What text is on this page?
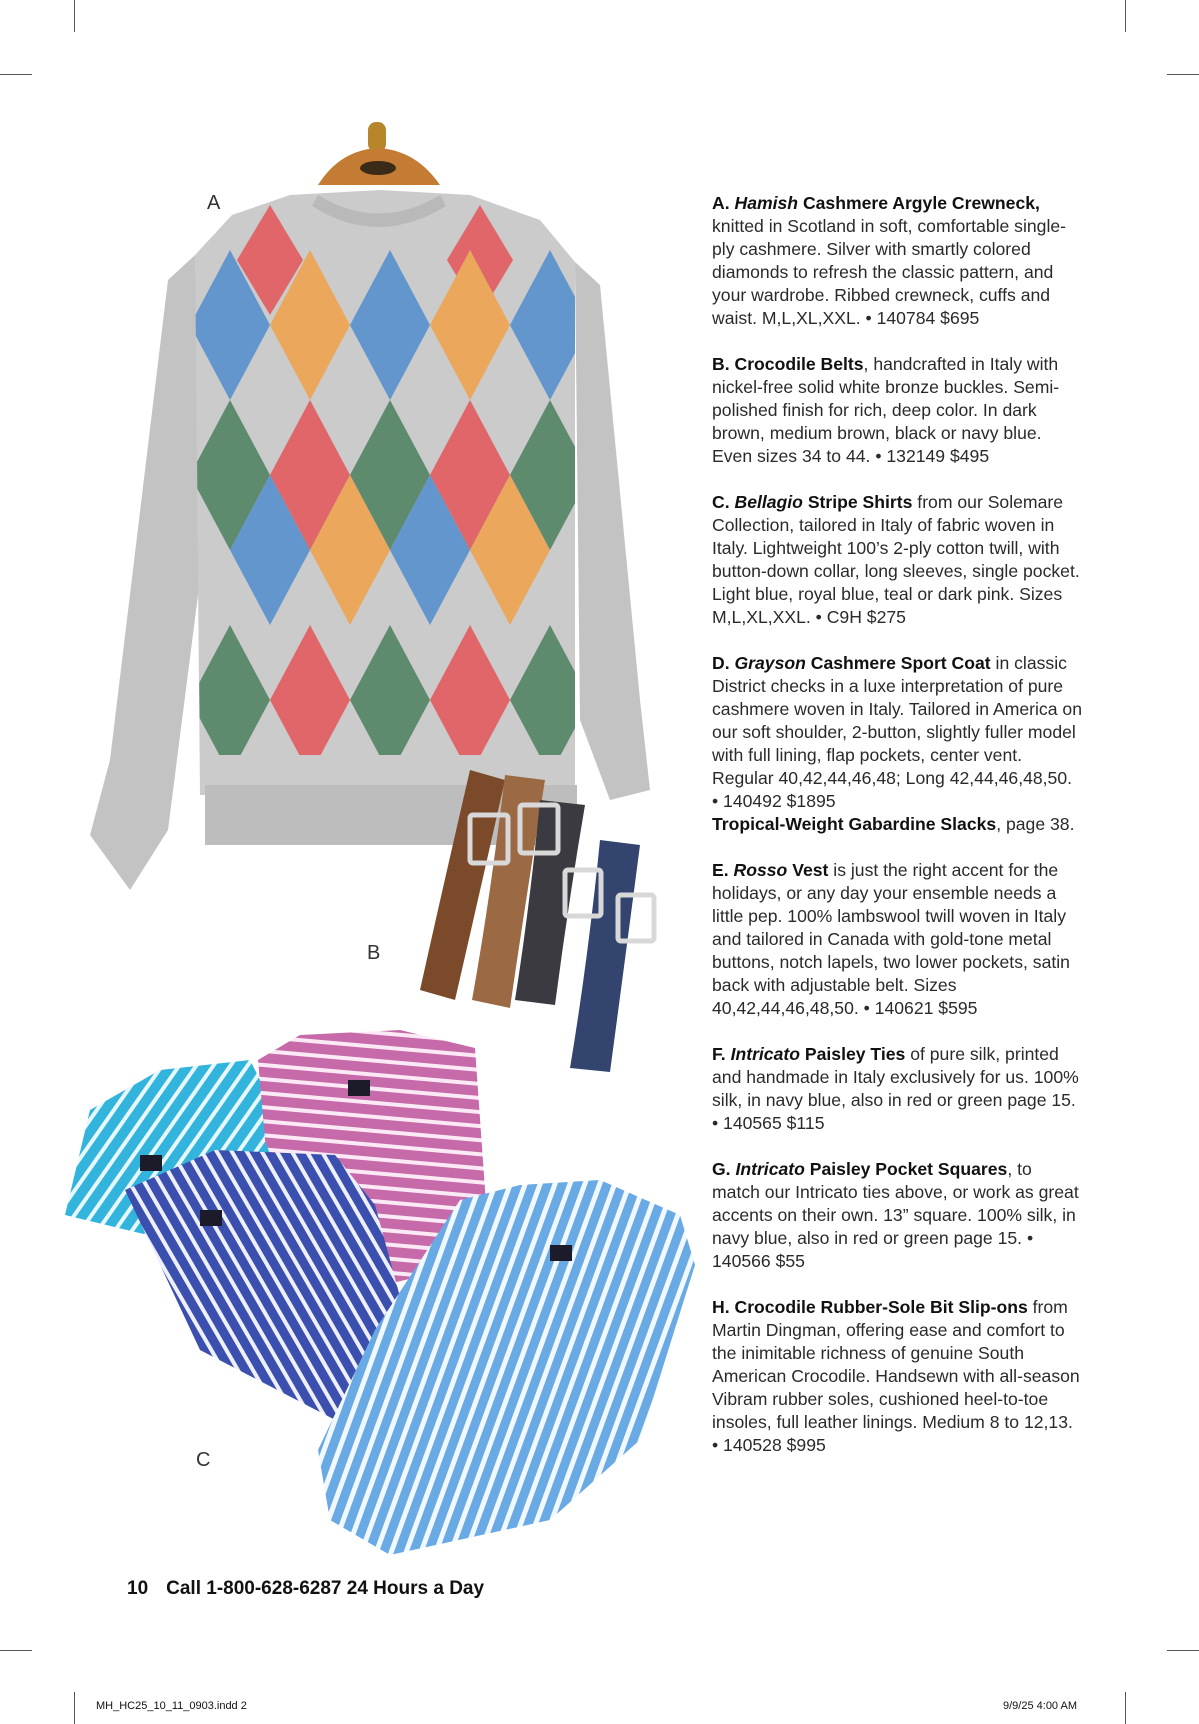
A
B
C
A. Hamish Cashmere Argyle Crewneck, knitted in Scotland in soft, comfortable single-ply cashmere. Silver with smartly colored diamonds to refresh the classic pattern, and your wardrobe. Ribbed crewneck, cuffs and waist. M,L,XL,XXL. • 140784 $695
B. Crocodile Belts, handcrafted in Italy with nickel-free solid white bronze buckles. Semi-polished finish for rich, deep color. In dark brown, medium brown, black or navy blue. Even sizes 34 to 44. • 132149 $495
C. Bellagio Stripe Shirts from our Solemare Collection, tailored in Italy of fabric woven in Italy. Lightweight 100’s 2-ply cotton twill, with button-down collar, long sleeves, single pocket. Light blue, royal blue, teal or dark pink. Sizes M,L,XL,XXL. • C9H $275
D. Grayson Cashmere Sport Coat in classic District checks in a luxe interpretation of pure cashmere woven in Italy. Tailored in America on our soft shoulder, 2-button, slightly fuller model with full lining, flap pockets, center vent. Regular 40,42,44,46,48; Long 42,44,46,48,50. • 140492 $1895
Tropical-Weight Gabardine Slacks, page 38.
E. Rosso Vest is just the right accent for the holidays, or any day your ensemble needs a little pep. 100% lambswool twill woven in Italy and tailored in Canada with gold-tone metal buttons, notch lapels, two lower pockets, satin back with adjustable belt. Sizes 40,42,44,46,48,50. • 140621 $595
F. Intricato Paisley Ties of pure silk, printed and handmade in Italy exclusively for us. 100% silk, in navy blue, also in red or green page 15. • 140565 $115
G. Intricato Paisley Pocket Squares, to match our Intricato ties above, or work as great accents on their own. 13” square. 100% silk, in navy blue, also in red or green page 15. • 140566 $55
H. Crocodile Rubber-Sole Bit Slip-ons from Martin Dingman, offering ease and comfort to the inimitable richness of genuine South American Crocodile. Handsewn with all-season Vibram rubber soles, cushioned heel-to-toe insoles, full leather linings. Medium 8 to 12,13. • 140528 $995
10 Call 1-800-628-6287 24 Hours a Day
MH_HC25_10_11_0903.indd 2	9/9/25 4:00 AM
